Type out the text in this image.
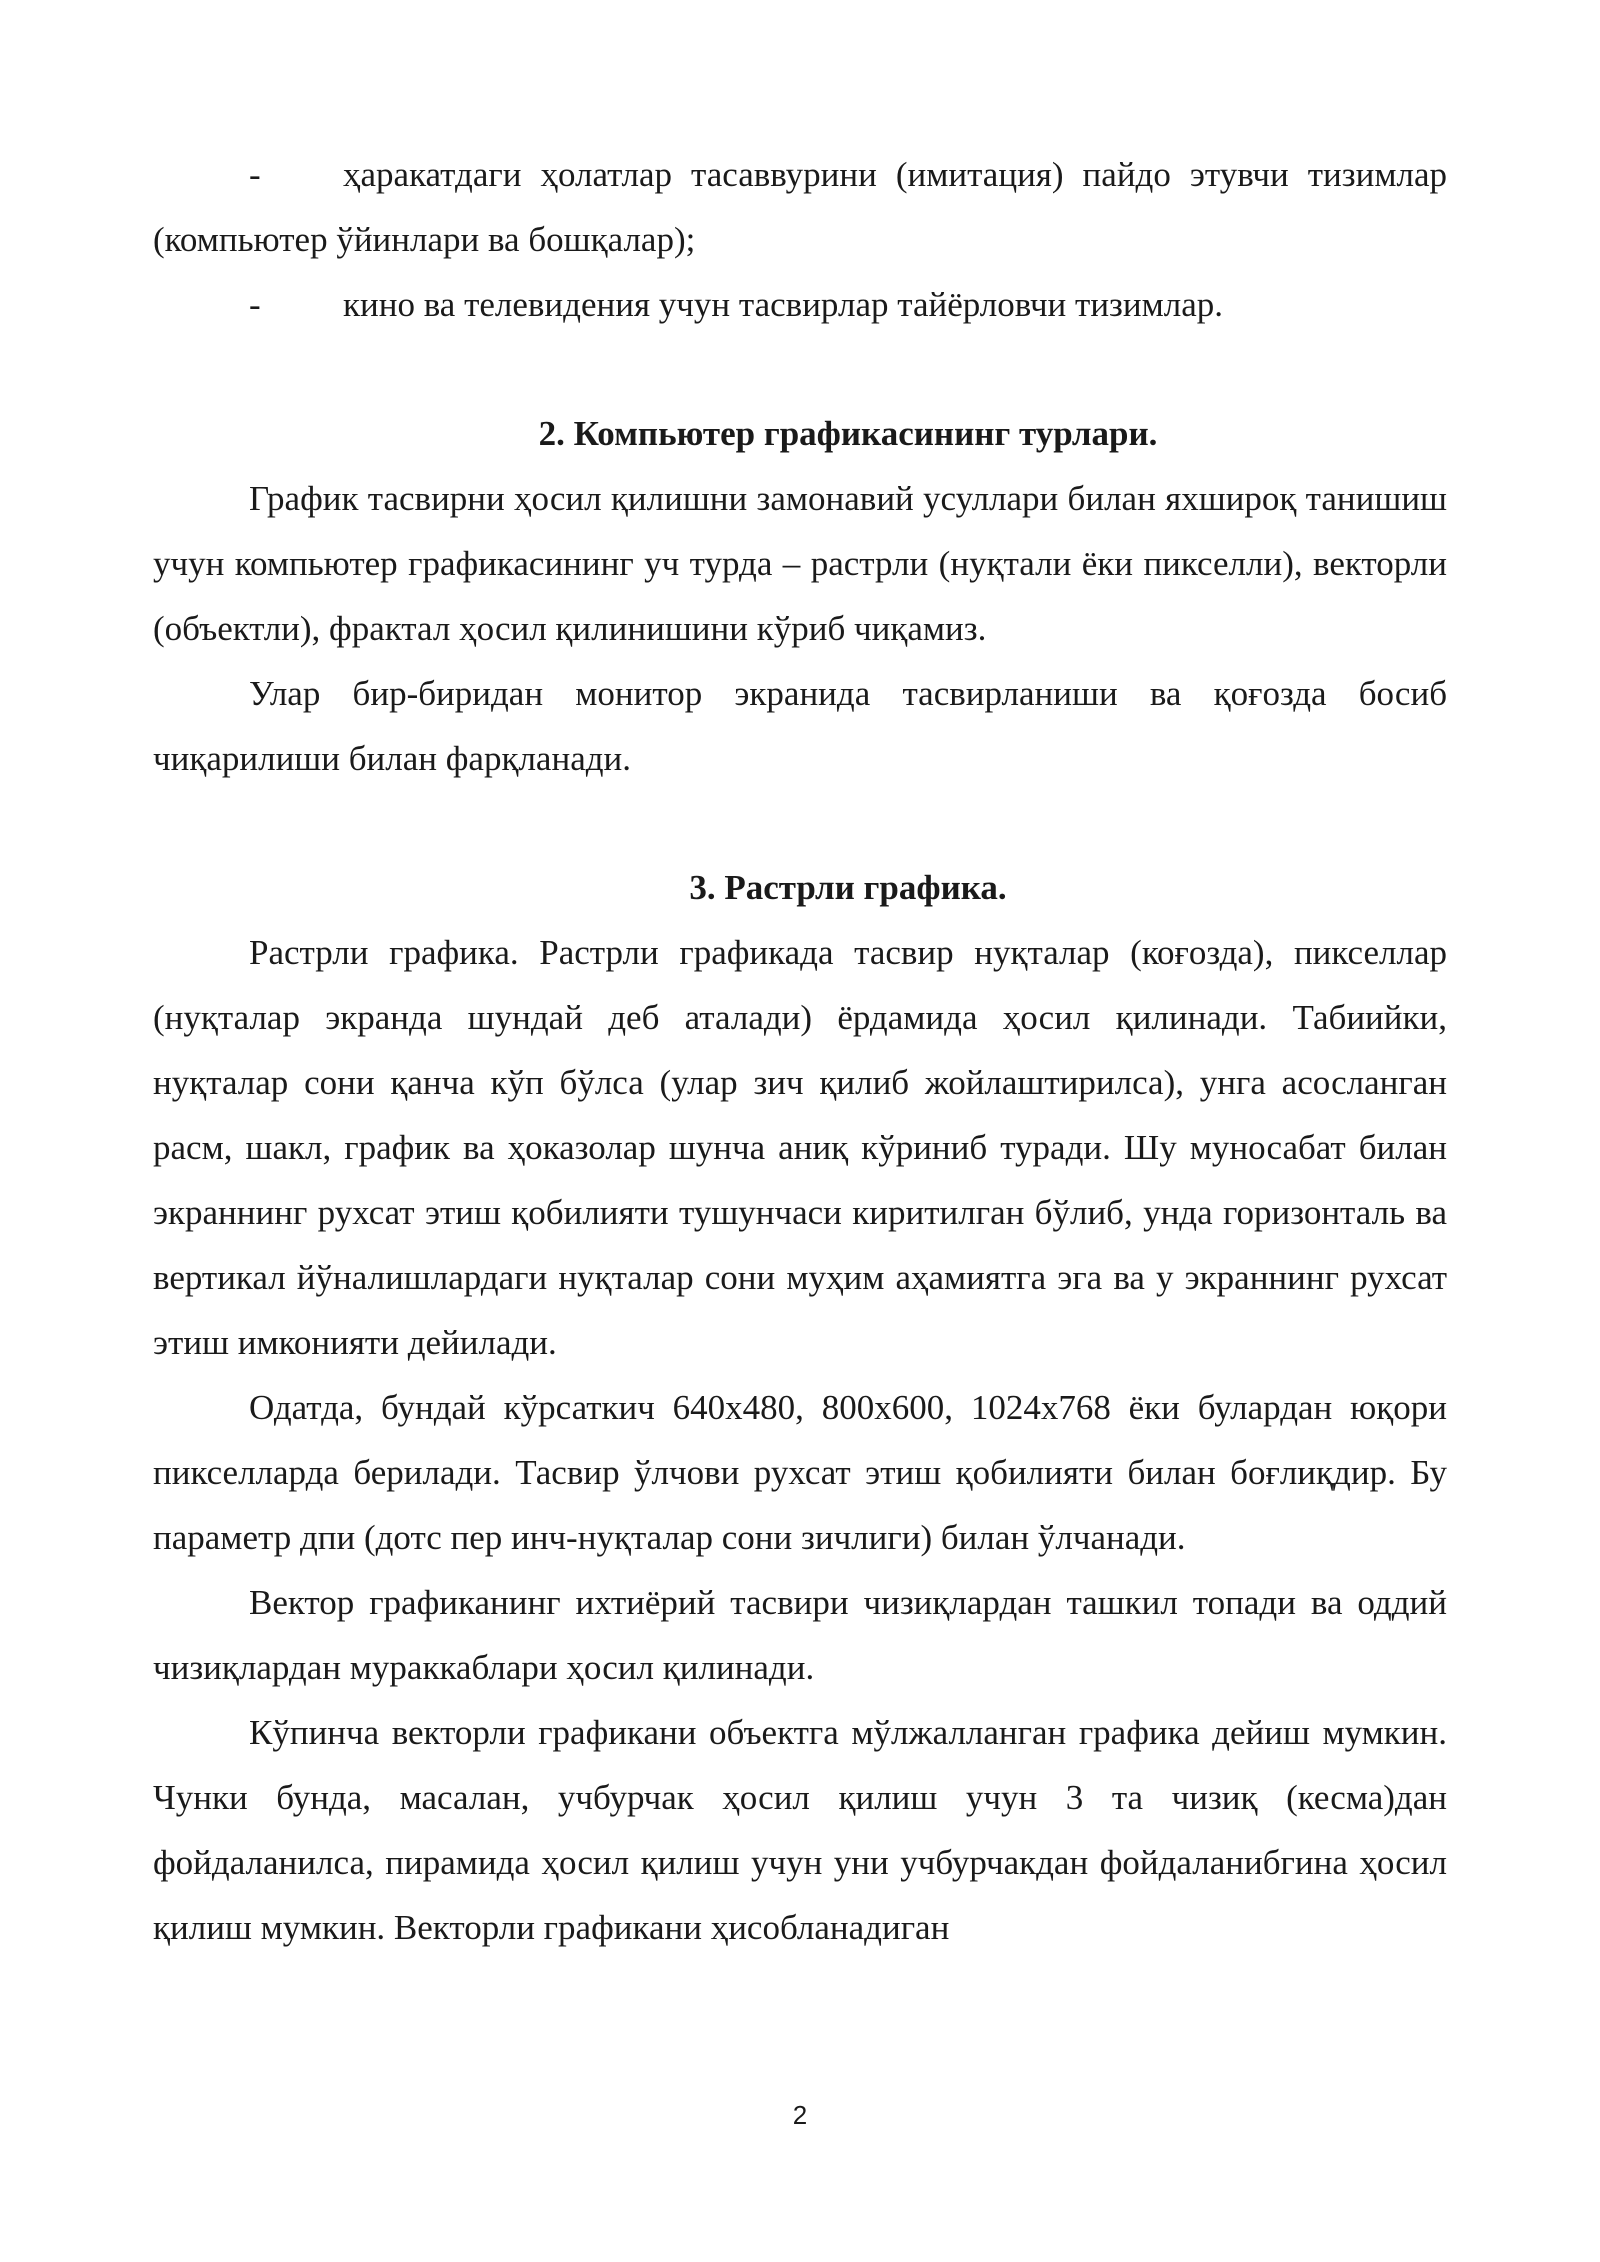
-	ҳаракатдаги ҳолатлар тасаввурини (имитация) пайдо этувчи тизимлар (компьютер ўйинлари ва бошқалар);

-	кино ва телевидения учун тасвирлар тайёрловчи тизимлар.

2. Компьютер графикасининг турлари.

График тасвирни ҳосил қилишни замонавий усуллари билан яхшироқ танишиш учун компьютер графикасининг уч турда – растрли (нуқтали ёки пикселли), векторли (объектли), фрактал ҳосил қилинишини кўриб чиқамиз.

Улар бир-биридан монитор экранида тасвирланиши ва қоғозда босиб чиқарилиши билан фарқланади.

3. Растрли графика.

Растрли графика. Растрли графикада тасвир нуқталар (коғозда), пикселлар (нуқталар экранда шундай деб аталади) ёрдамида ҳосил қилинади. Табиийки, нуқталар сони қанча кўп бўлса (улар зич қилиб жойлаштирилса), унга асосланган расм, шакл, график ва ҳоказолар шунча аниқ кўриниб туради. Шу муносабат билан экраннинг рухсат этиш қобилияти тушунчаси киритилган бўлиб, унда горизонталь ва вертикал йўналишлардаги нуқталар сони муҳим аҳамиятга эга ва у экраннинг рухсат этиш имконияти дейилади.

Одатда, бундай кўрсаткич 640x480, 800x600, 1024x768 ёки булардан юқори пикселларда берилади. Тасвир ўлчови рухсат этиш қобилияти билан боғлиқдир. Бу параметр дпи (дотс пер инч-нуқталар сони зичлиги) билан ўлчанади.

Вектор графиканинг ихтиёрий тасвири чизиқлардан ташкил топади ва оддий чизиқлардан мураккаблари ҳосил қилинади.

Кўпинча векторли графикани объектга мўлжалланган графика дейиш мумкин. Чунки бунда, масалан, учбурчак ҳосил қилиш учун 3 та чизиқ (кесма)дан фойдаланилса, пирамида ҳосил қилиш учун уни учбурчакдан фойдаланибгина ҳосил қилиш мумкин. Векторли графикани ҳисобланадиган

2
